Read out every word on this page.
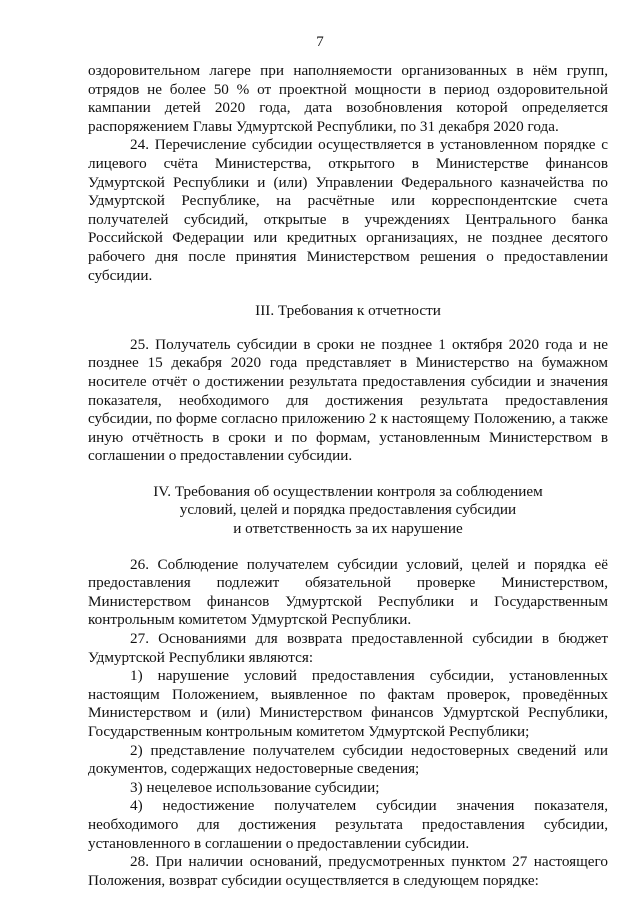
7

оздоровительном лагере при наполняемости организованных в нём групп, отрядов не более 50 % от проектной мощности в период оздоровительной кампании детей 2020 года, дата возобновления которой определяется распоряжением Главы Удмуртской Республики, по 31 декабря 2020 года.

24. Перечисление субсидии осуществляется в установленном порядке с лицевого счёта Министерства, открытого в Министерстве финансов Удмуртской Республики и (или) Управлении Федерального казначейства по Удмуртской Республике, на расчётные или корреспондентские счета получателей субсидий, открытые в учреждениях Центрального банка Российской Федерации или кредитных организациях, не позднее десятого рабочего дня после принятия Министерством решения о предоставлении субсидии.

III. Требования к отчетности

25. Получатель субсидии в сроки не позднее 1 октября 2020 года и не позднее 15 декабря 2020 года представляет в Министерство на бумажном носителе отчёт о достижении результата предоставления субсидии и значения показателя, необходимого для достижения результата предоставления субсидии, по форме согласно приложению 2 к настоящему Положению, а также иную отчётность в сроки и по формам, установленным Министерством в соглашении о предоставлении субсидии.

IV. Требования об осуществлении контроля за соблюдением
условий, целей и порядка предоставления субсидии
и ответственность за их нарушение

26. Соблюдение получателем субсидии условий, целей и порядка её предоставления подлежит обязательной проверке Министерством, Министерством финансов Удмуртской Республики и Государственным контрольным комитетом Удмуртской Республики.

27. Основаниями для возврата предоставленной субсидии в бюджет Удмуртской Республики являются:

1) нарушение условий предоставления субсидии, установленных настоящим Положением, выявленное по фактам проверок, проведённых Министерством и (или) Министерством финансов Удмуртской Республики, Государственным контрольным комитетом Удмуртской Республики;

2) представление получателем субсидии недостоверных сведений или документов, содержащих недостоверные сведения;

3) нецелевое использование субсидии;

4) недостижение получателем субсидии значения показателя, необходимого для достижения результата предоставления субсидии, установленного в соглашении о предоставлении субсидии.

28. При наличии оснований, предусмотренных пунктом 27 настоящего Положения, возврат субсидии осуществляется в следующем порядке:
